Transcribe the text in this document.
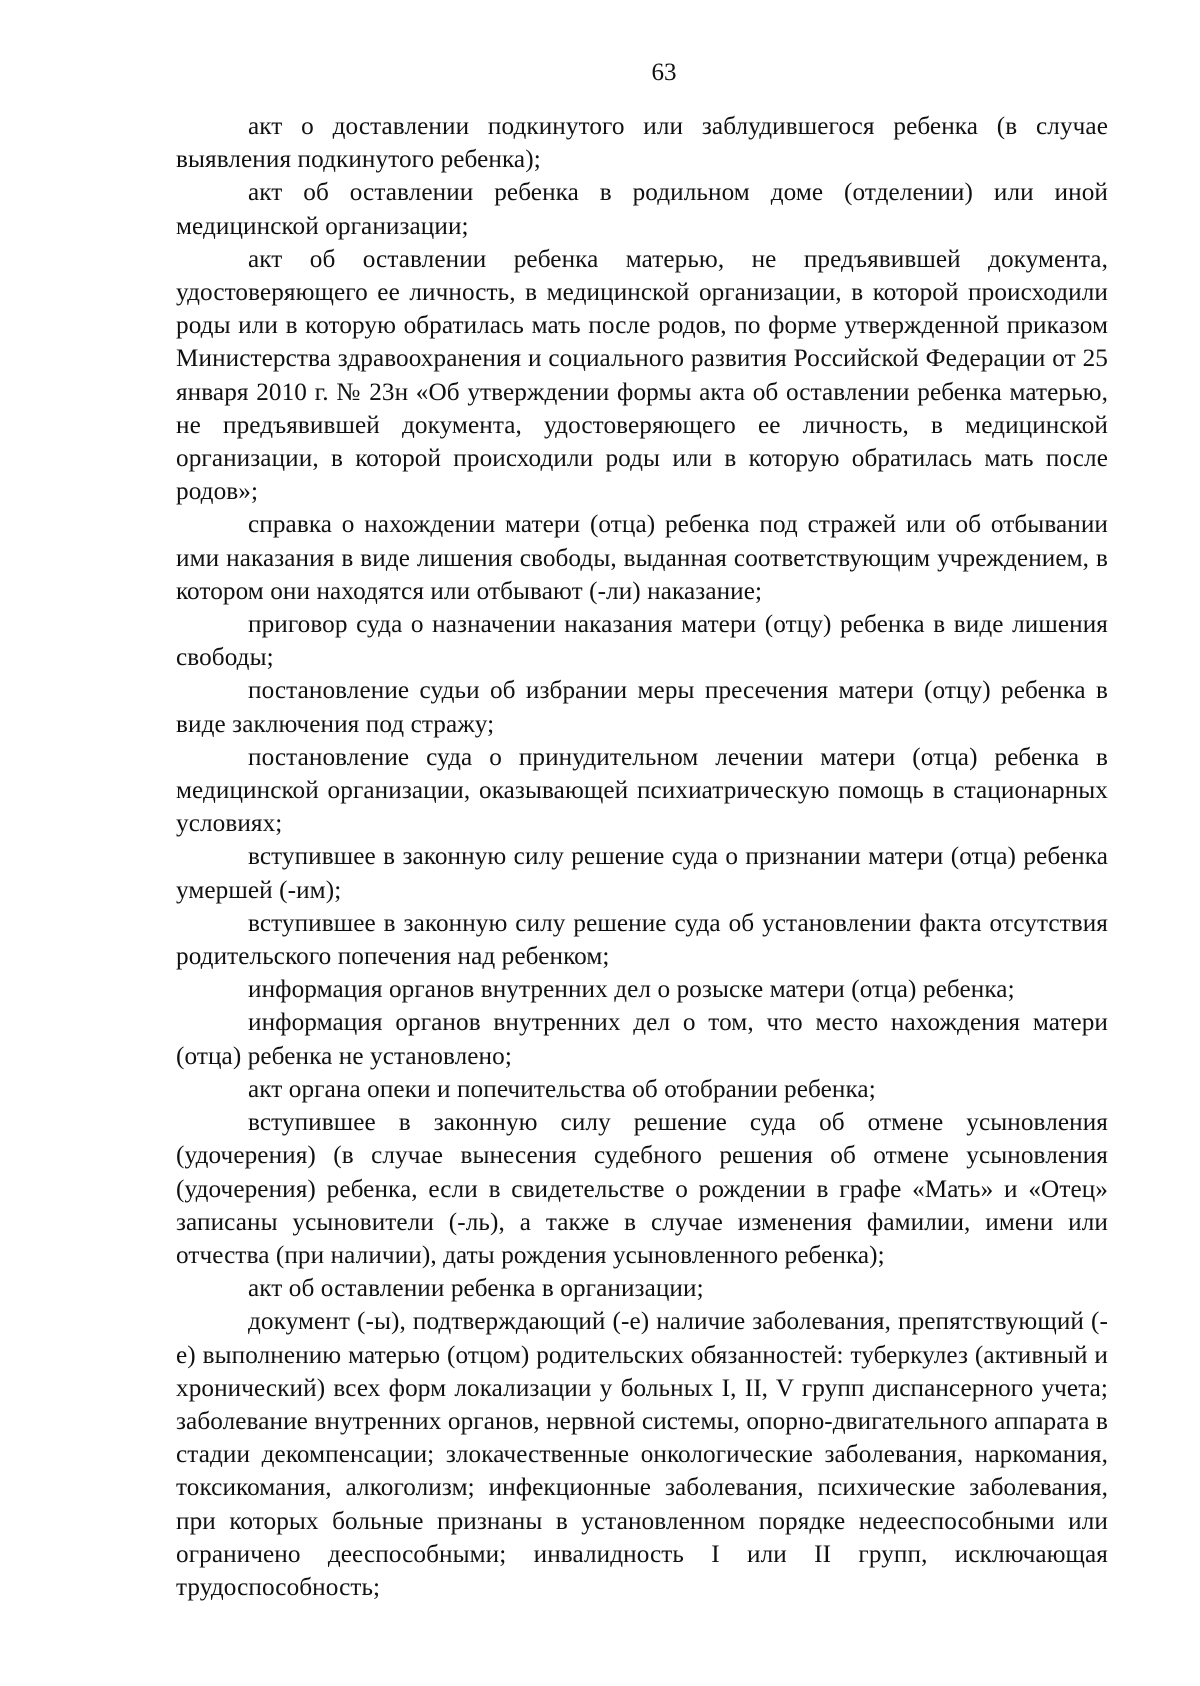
63

акт о доставлении подкинутого или заблудившегося ребенка (в случае выявления подкинутого ребенка);

акт об оставлении ребенка в родильном доме (отделении) или иной медицинской организации;

акт об оставлении ребенка матерью, не предъявившей документа, удостоверяющего ее личность, в медицинской организации, в которой происходили роды или в которую обратилась мать после родов, по форме утвержденной приказом Министерства здравоохранения и социального развития Российской Федерации от 25 января 2010 г. № 23н «Об утверждении формы акта об оставлении ребенка матерью, не предъявившей документа, удостоверяющего ее личность, в медицинской организации, в которой происходили роды или в которую обратилась мать после родов»;

справка о нахождении матери (отца) ребенка под стражей или об отбывании ими наказания в виде лишения свободы, выданная соответствующим учреждением, в котором они находятся или отбывают (-ли) наказание;

приговор суда о назначении наказания матери (отцу) ребенка в виде лишения свободы;

постановление судьи об избрании меры пресечения матери (отцу) ребенка в виде заключения под стражу;

постановление суда о принудительном лечении матери (отца) ребенка в медицинской организации, оказывающей психиатрическую помощь в стационарных условиях;

вступившее в законную силу решение суда о признании матери (отца) ребенка умершей (-им);

вступившее в законную силу решение суда об установлении факта отсутствия родительского попечения над ребенком;

информация органов внутренних дел о розыске матери (отца) ребенка;

информация органов внутренних дел о том, что место нахождения матери (отца) ребенка не установлено;

акт органа опеки и попечительства об отобрании ребенка;

вступившее в законную силу решение суда об отмене усыновления (удочерения) (в случае вынесения судебного решения об отмене усыновления (удочерения) ребенка, если в свидетельстве о рождении в графе «Мать» и «Отец» записаны усыновители (-ль), а также в случае изменения фамилии, имени или отчества (при наличии), даты рождения усыновленного ребенка);

акт об оставлении ребенка в организации;

документ (-ы), подтверждающий (-е) наличие заболевания, препятствующий (-е) выполнению матерью (отцом) родительских обязанностей: туберкулез (активный и хронический) всех форм локализации у больных I, II, V групп диспансерного учета; заболевание внутренних органов, нервной системы, опорно-двигательного аппарата в стадии декомпенсации; злокачественные онкологические заболевания, наркомания, токсикомания, алкоголизм; инфекционные заболевания, психические заболевания, при которых больные признаны в установленном порядке недееспособными или ограничено дееспособными; инвалидность I или II групп, исключающая трудоспособность;
